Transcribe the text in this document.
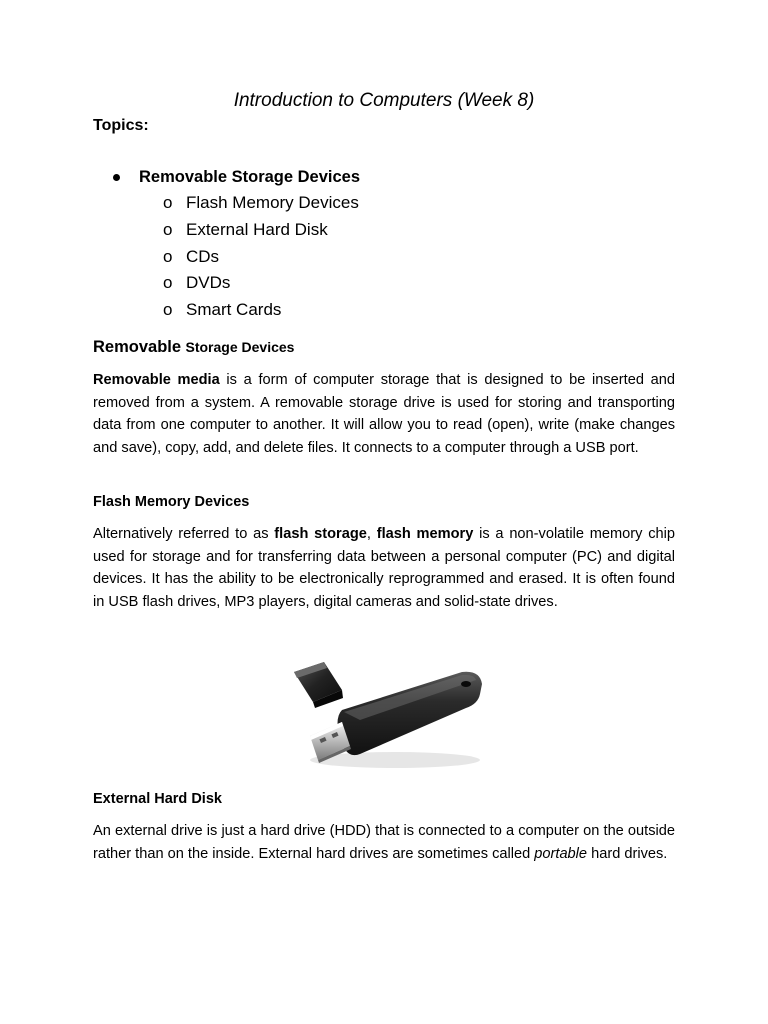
Introduction to Computers (Week 8)
Topics:
Removable Storage Devices
o Flash Memory Devices
o External Hard Disk
o CDs
o DVDs
o Smart Cards
Removable Storage Devices

Removable media is a form of computer storage that is designed to be inserted and removed from a system. A removable storage drive is used for storing and transporting data from one computer to another. It will allow you to read (open), write (make changes and save), copy, add, and delete files. It connects to a computer through a USB port.

Flash Memory Devices

Alternatively referred to as flash storage, flash memory is a non-volatile memory chip used for storage and for transferring data between a personal computer (PC) and digital devices. It has the ability to be electronically reprogrammed and erased. It is often found in USB flash drives, MP3 players, digital cameras and solid-state drives.

External Hard Disk

An external drive is just a hard drive (HDD) that is connected to a computer on the outside rather than on the inside. External hard drives are sometimes called portable hard drives.
